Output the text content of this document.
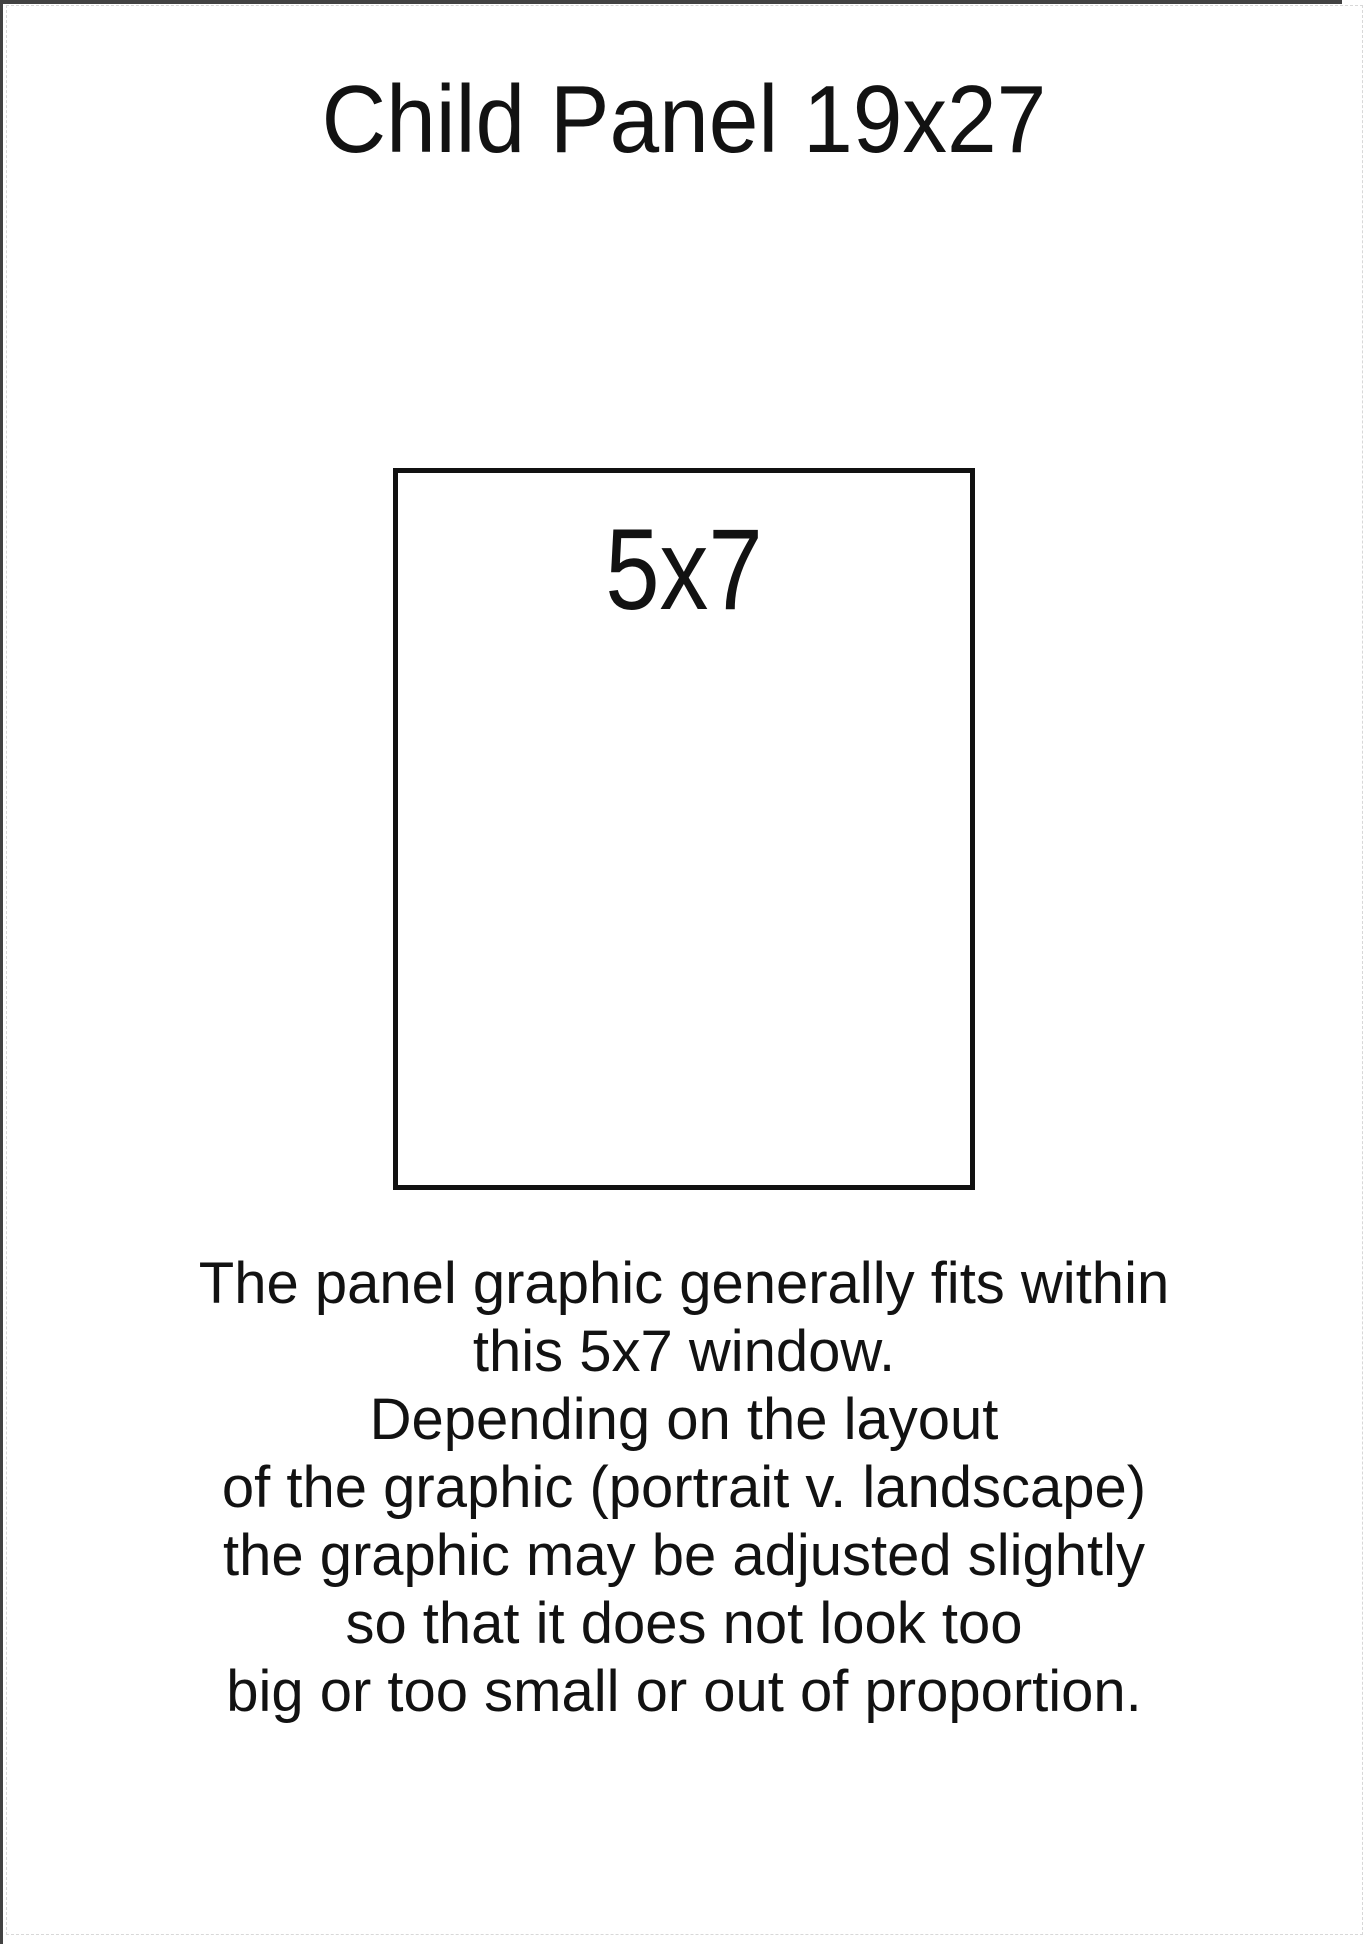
Child Panel 19x27
5x7
The panel graphic generally fits within
this 5x7 window.
Depending on the layout
of the graphic (portrait v. landscape)
the graphic may be adjusted slightly
so that it does not look too
big or too small or out of proportion.
